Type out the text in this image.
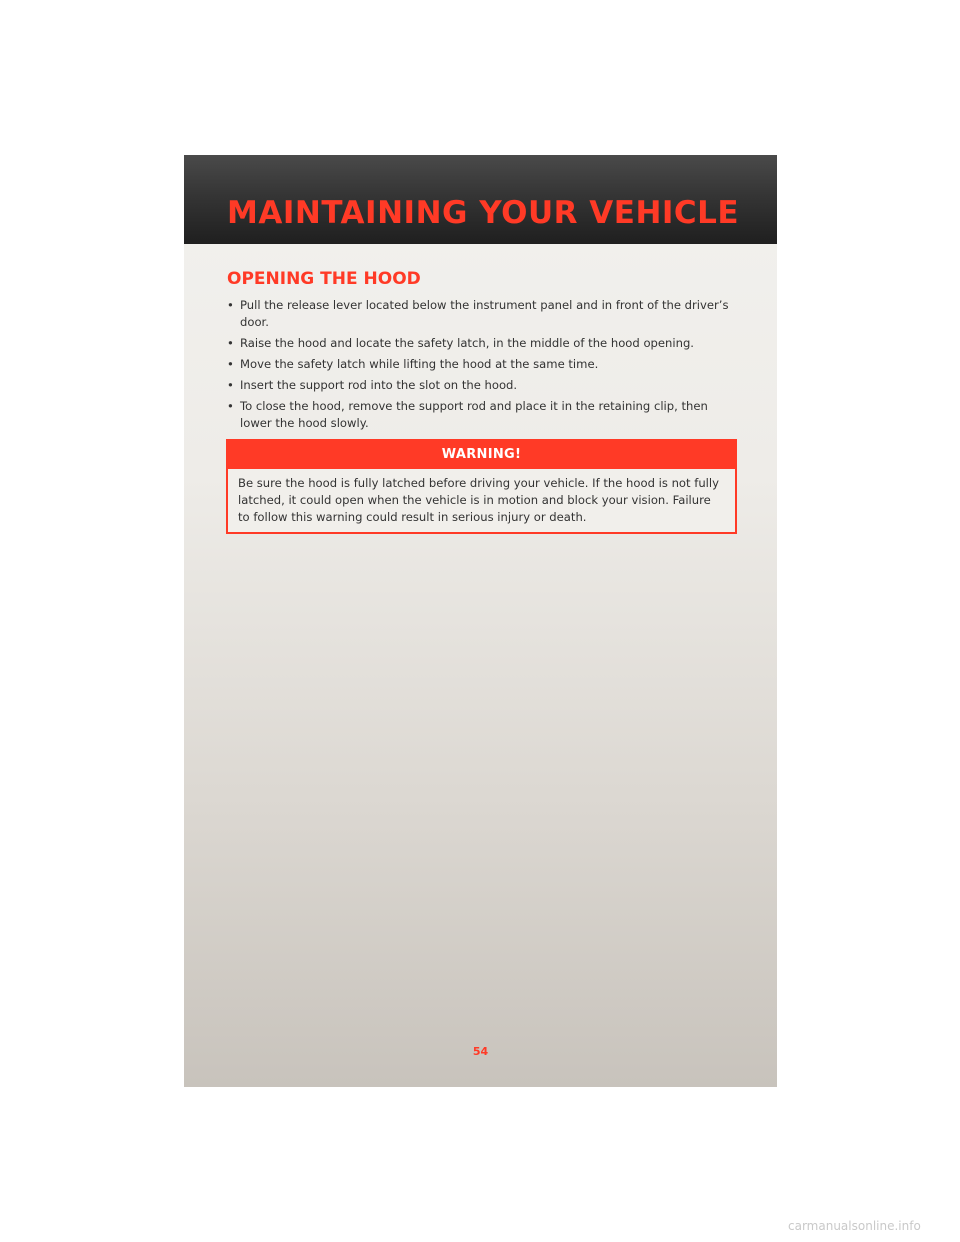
MAINTAINING YOUR VEHICLE
OPENING THE HOOD
• Pull the release lever located below the instrument panel and in front of the driver’s door.
• Raise the hood and locate the safety latch, in the middle of the hood opening.
• Move the safety latch while lifting the hood at the same time.
• Insert the support rod into the slot on the hood.
• To close the hood, remove the support rod and place it in the retaining clip, then lower the hood slowly.
WARNING!

Be sure the hood is fully latched before driving your vehicle. If the hood is not fully latched, it could open when the vehicle is in motion and block your vision. Failure to follow this warning could result in serious injury or death.

54
carmanualsonline.info
